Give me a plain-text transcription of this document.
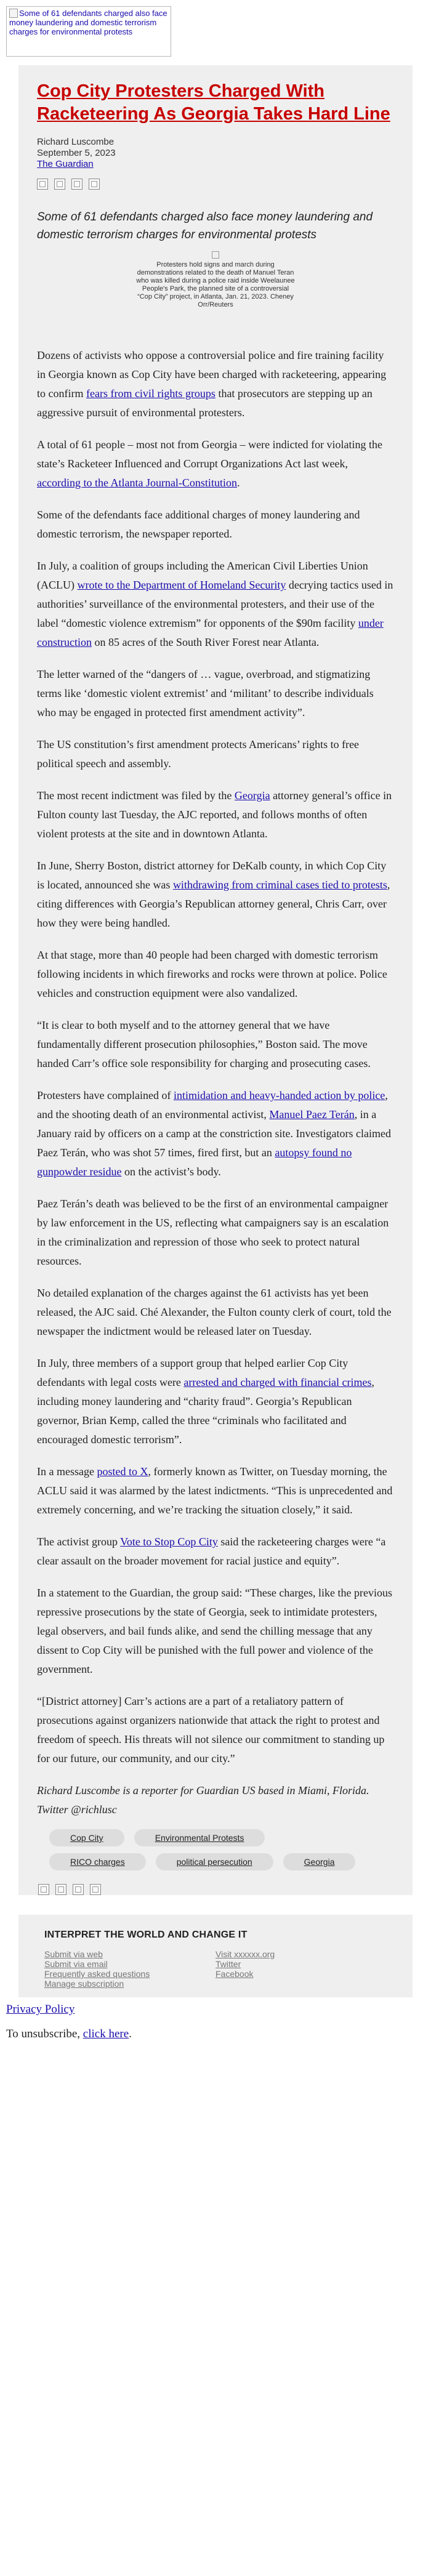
Some of 61 defendants charged also face money laundering and domestic terrorism charges for environmental protests
Cop City Protesters Charged With Racketeering As Georgia Takes Hard Line
Richard Luscombe
September 5, 2023
The Guardian
Some of 61 defendants charged also face money laundering and domestic terrorism charges for environmental protests

Protesters hold signs and march during demonstrations related to the death of Manuel Teran who was killed during a police raid inside Weelaunee People's Park, the planned site of a controversial “Cop City” project, in Atlanta, Jan. 21, 2023. Cheney Orr/Reuters

Dozens of activists who oppose a controversial police and fire training facility in Georgia known as Cop City have been charged with racketeering, appearing to confirm fears from civil rights groups that prosecutors are stepping up an aggressive pursuit of environmental protesters.

A total of 61 people – most not from Georgia – were indicted for violating the state’s Racketeer Influenced and Corrupt Organizations Act last week, according to the Atlanta Journal-Constitution.

Some of the defendants face additional charges of money laundering and domestic terrorism, the newspaper reported.

In July, a coalition of groups including the American Civil Liberties Union (ACLU) wrote to the Department of Homeland Security decrying tactics used in authorities’ surveillance of the environmental protesters, and their use of the label “domestic violence extremism” for opponents of the $90m facility under construction on 85 acres of the South River Forest near Atlanta.

The letter warned of the “dangers of … vague, overbroad, and stigmatizing terms like ‘domestic violent extremist’ and ‘militant’ to describe individuals who may be engaged in protected first amendment activity”.

The US constitution’s first amendment protects Americans’ rights to free political speech and assembly.

The most recent indictment was filed by the Georgia attorney general’s office in Fulton county last Tuesday, the AJC reported, and follows months of often violent protests at the site and in downtown Atlanta.

In June, Sherry Boston, district attorney for DeKalb county, in which Cop City is located, announced she was withdrawing from criminal cases tied to protests, citing differences with Georgia’s Republican attorney general, Chris Carr, over how they were being handled.

At that stage, more than 40 people had been charged with domestic terrorism following incidents in which fireworks and rocks were thrown at police. Police vehicles and construction equipment were also vandalized.

“It is clear to both myself and to the attorney general that we have fundamentally different prosecution philosophies,” Boston said. The move handed Carr’s office sole responsibility for charging and prosecuting cases.

Protesters have complained of intimidation and heavy-handed action by police, and the shooting death of an environmental activist, Manuel Paez Terán, in a January raid by officers on a camp at the constriction site. Investigators claimed Paez Terán, who was shot 57 times, fired first, but an autopsy found no gunpowder residue on the activist’s body.

Paez Terán’s death was believed to be the first of an environmental campaigner by law enforcement in the US, reflecting what campaigners say is an escalation in the criminalization and repression of those who seek to protect natural resources.

No detailed explanation of the charges against the 61 activists has yet been released, the AJC said. Ché Alexander, the Fulton county clerk of court, told the newspaper the indictment would be released later on Tuesday.

In July, three members of a support group that helped earlier Cop City defendants with legal costs were arrested and charged with financial crimes, including money laundering and “charity fraud”. Georgia’s Republican governor, Brian Kemp, called the three “criminals who facilitated and encouraged domestic terrorism”.

In a message posted to X, formerly known as Twitter, on Tuesday morning, the ACLU said it was alarmed by the latest indictments. “This is unprecedented and extremely concerning, and we’re tracking the situation closely,” it said.

The activist group Vote to Stop Cop City said the racketeering charges were “a clear assault on the broader movement for racial justice and equity”.

In a statement to the Guardian, the group said: “These charges, like the previous repressive prosecutions by the state of Georgia, seek to intimidate protesters, legal observers, and bail funds alike, and send the chilling message that any dissent to Cop City will be punished with the full power and violence of the government.

“[District attorney] Carr’s actions are a part of a retaliatory pattern of prosecutions against organizers nationwide that attack the right to protest and freedom of speech. His threats will not silence our commitment to standing up for our future, our community, and our city.”

Richard Luscombe is a reporter for Guardian US based in Miami, Florida. Twitter @richlusc

Cop City	Environmental Protests
RICO charges	political persecution	Georgia
INTERPRET THE WORLD AND CHANGE IT
Submit via web
Submit via email
Frequently asked questions
Manage subscription
Visit xxxxxx.org
Twitter
Facebook
Privacy Policy
To unsubscribe, click here.
